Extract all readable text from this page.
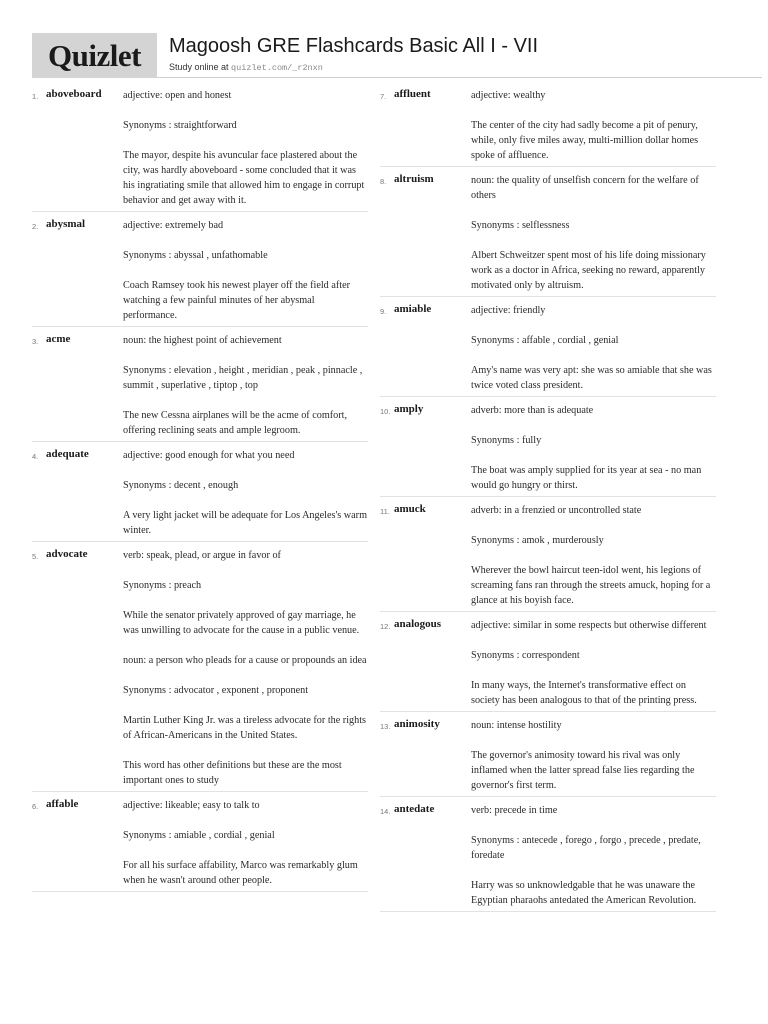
Quizlet	Magoosh GRE Flashcards Basic All I - VII
Study online at quizlet.com/_r2nxn
1. aboveboard adjective: open and honest
Synonyms : straightforward
The mayor, despite his avuncular face plastered about the city, was hardly aboveboard - some concluded that it was his ingratiating smile that allowed him to engage in corrupt behavior and get away with it.
2. abysmal	adjective: extremely bad
Synonyms : abyssal , unfathomable
Coach Ramsey took his newest player off the field after watching a few painful minutes of her abysmal performance.
3. acme	noun: the highest point of achievement
Synonyms : elevation , height , meridian , peak , pinnacle , summit , superlative , tiptop , top
The new Cessna airplanes will be the acme of comfort, offering reclining seats and ample legroom.
4. adequate	adjective: good enough for what you need
Synonyms : decent , enough
A very light jacket will be adequate for Los Angeles's warm winter.
5. advocate	verb: speak, plead, or argue in favor of
Synonyms : preach
While the senator privately approved of gay marriage, he was unwilling to advocate for the cause in a public venue.
noun: a person who pleads for a cause or propounds an idea
Synonyms : advocator , exponent , proponent
Martin Luther King Jr. was a tireless advocate for the rights of African-Americans in the United States.
This word has other definitions but these are the most important ones to study
6. affable	adjective: likeable; easy to talk to
Synonyms : amiable , cordial , genial
For all his surface affability, Marco was remarkably glum when he wasn't around other people.
7. affluent	adjective: wealthy
The center of the city had sadly become a pit of penury, while, only five miles away, multi-million dollar homes spoke of affluence.
8. altruism	noun: the quality of unselfish concern for the welfare of others
Synonyms : selflessness
Albert Schweitzer spent most of his life doing missionary work as a doctor in Africa, seeking no reward, apparently motivated only by altruism.
9. amiable	adjective: friendly
Synonyms : affable , cordial , genial
Amy's name was very apt: she was so amiable that she was twice voted class president.
10. amply	adverb: more than is adequate
Synonyms : fully
The boat was amply supplied for its year at sea - no man would go hungry or thirst.
11. amuck	adverb: in a frenzied or uncontrolled state
Synonyms : amok , murderously
Wherever the bowl haircut teen-idol went, his legions of screaming fans ran through the streets amuck, hoping for a glance at his boyish face.
12. analogous	adjective: similar in some respects but otherwise different
Synonyms : correspondent
In many ways, the Internet's transformative effect on society has been analogous to that of the printing press.
13. animosity	noun: intense hostility
The governor's animosity toward his rival was only inflamed when the latter spread false lies regarding the governor's first term.
14. antedate	verb: precede in time
Synonyms : antecede , forego , forgo , precede , predate, foredate
Harry was so unknowledgable that he was unaware the Egyptian pharaohs antedated the American Revolution.
